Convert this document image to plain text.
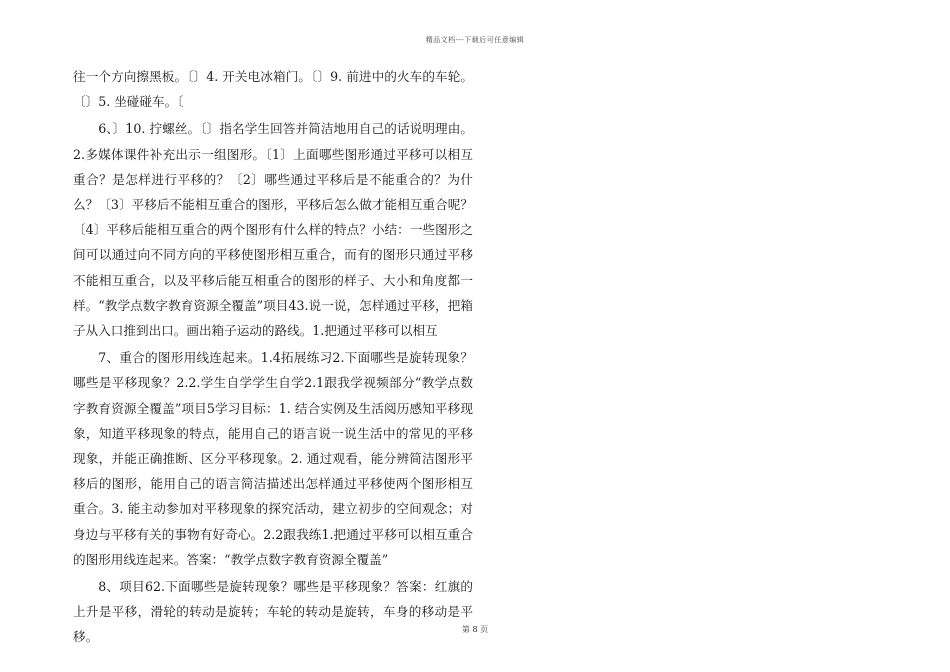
精品文档---下载后可任意编辑

往一个方向擦黑板。〔〕4. 开关电冰箱门。〔〕9. 前进中的火车的车轮。〔〕5. 坐碰碰车。〔

6、〕10. 拧螺丝。〔〕指名学生回答并简洁地用自己的话说明理由。2.多媒体课件补充出示一组图形。〔1〕上面哪些图形通过平移可以相互重合？是怎样进行平移的？〔2〕哪些通过平移后是不能重合的？为什么？〔3〕平移后不能相互重合的图形，平移后怎么做才能相互重合呢？〔4〕平移后能相互重合的两个图形有什么样的特点？小结：一些图形之间可以通过向不同方向的平移使图形相互重合，而有的图形只通过平移不能相互重合，以及平移后能互相重合的图形的样子、大小和角度都一样。“教学点数字教育资源全覆盖”项目43.说一说，怎样通过平移，把箱子从入口推到出口。画出箱子运动的路线。1.把通过平移可以相互

7、重合的图形用线连起来。1.4拓展练习2.下面哪些是旋转现象？哪些是平移现象？2.2.学生自学学生自学2.1跟我学视频部分“教学点数字教育资源全覆盖”项目5学习目标：1. 结合实例及生活阅历感知平移现象，知道平移现象的特点，能用自己的语言说一说生活中的常见的平移现象，并能正确推断、区分平移现象。2. 通过观看，能分辨简洁图形平移后的图形，能用自己的语言简洁描述出怎样通过平移使两个图形相互重合。3. 能主动参加对平移现象的探究活动，建立初步的空间观念；对身边与平移有关的事物有好奇心。2.2跟我练1.把通过平移可以相互重合的图形用线连起来。答案：“教学点数字教育资源全覆盖”

8、项目62.下面哪些是旋转现象？哪些是平移现象？答案：红旗的上升是平移，滑轮的转动是旋转；车轮的转动是旋转，车身的移动是平移。	第 8 页
